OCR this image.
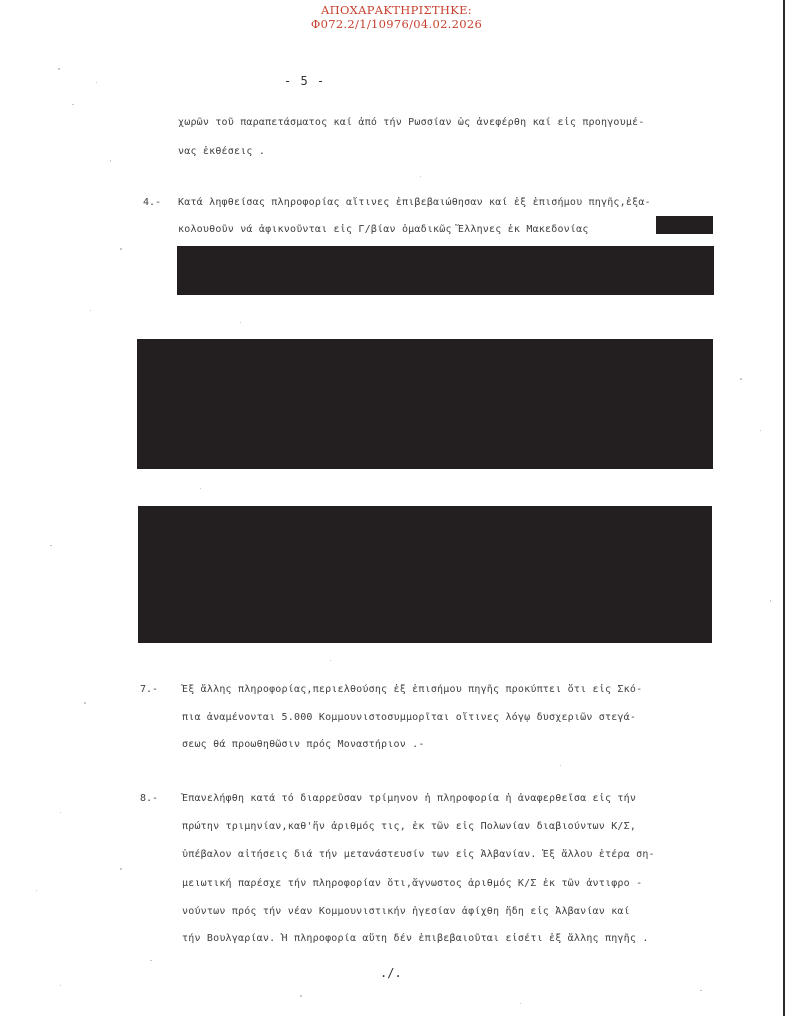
ΑΠΟΧΑΡΑΚΤΗΡΙΣΤΗΚΕ:
Φ072.2/1/10976/04.02.2026
- 5 -
χωρῶν τοῦ παραπετάσματος καί ἀπό τήν Ρωσσίαν ὡς ἀνεφέρθη καί εἰς προηγουμέ-
νας ἐκθέσεις .
4.- Κατά ληφθείσας πληροφορίας αἵτινες ἐπιβεβαιώθησαν καί ἐξ ἐπισήμου πηγῆς,ἐξα-
κολουθοῦν νά ἀφικνοῦνται εἰς Γ/βίαν ὁμαδικῶς Ἕλληνες ἐκ Μακεδονίας
7.- Ἐξ ἄλλης πληροφορίας,περιελθούσης ἐξ ἐπισήμου πηγῆς προκύπτει ὅτι εἰς Σκό-
πια ἀναμένονται 5.000 Κομμουνιστοσυμμορῖται οἵτινες λόγῳ δυσχεριῶν στεγά-
σεως θά προωθηθῶσιν πρός Μοναστήριον .-
8.- Ἐπανελήφθη κατά τό διαρρεῦσαν τρίμηνον ἡ πληροφορία ἡ ἀναφερθεῖσα εἰς τήν
πρώτην τριμηνίαν,καθ'ἥν ἀριθμός τις, ἐκ τῶν εἰς Πολωνίαν διαβιούντων Κ/Σ,
ὑπέβαλον αἰτήσεις διά τήν μετανάστευσίν των εἰς Ἀλβανίαν. Ἐξ ἄλλου ἑτέρα ση-
μειωτική παρέσχε τήν πληροφορίαν ὅτι,ἄγνωστος ἀριθμός Κ/Σ ἐκ τῶν ἀντιφρο -
νούντων πρός τήν νέαν Κομμουνιστικήν ἡγεσίαν ἀφίχθη ἤδη εἰς Ἀλβανίαν καί
τήν Βουλγαρίαν. Ἡ πληροφορία αὕτη δέν ἐπιβεβαιοῦται εἰσέτι ἐξ ἄλλης πηγῆς .
./.
